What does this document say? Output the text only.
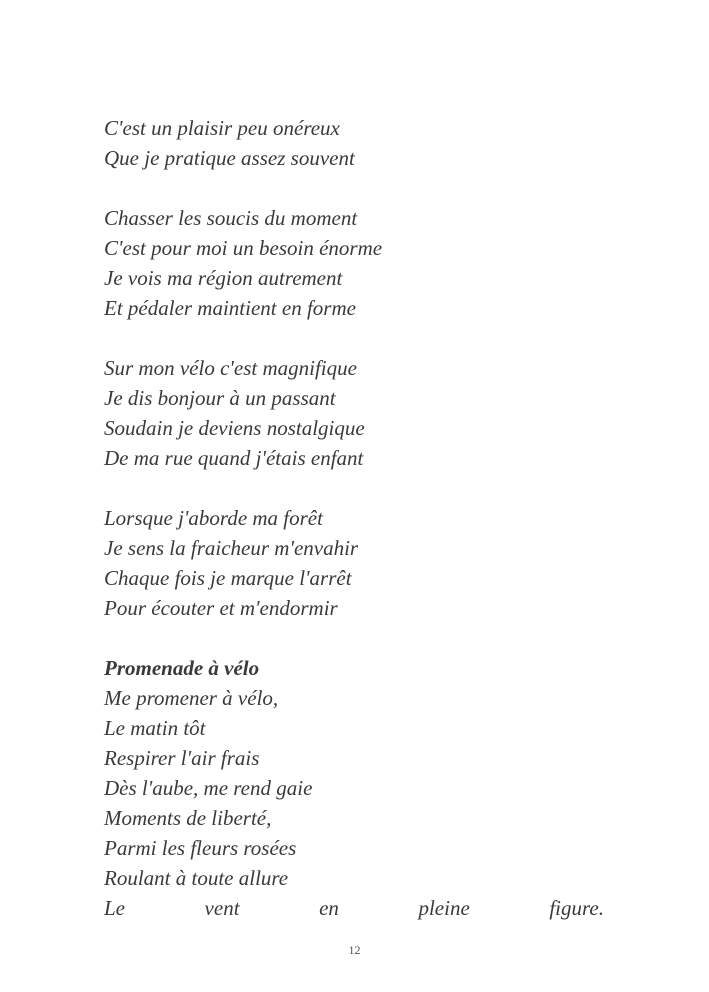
C'est un plaisir peu onéreux
Que je pratique assez souvent
Chasser les soucis du moment
C'est pour moi un besoin énorme
Je vois ma région autrement
Et pédaler maintient en forme
Sur mon vélo c'est magnifique
Je dis bonjour à un passant
Soudain je deviens nostalgique
De ma rue quand j'étais enfant
Lorsque j'aborde ma forêt
Je sens la fraicheur m'envahir
Chaque fois je marque l'arrêt
Pour écouter et m'endormir
Promenade à vélo
Me promener à vélo,
Le matin tôt
Respirer l'air frais
Dès l'aube, me rend gaie
Moments de liberté,
Parmi les fleurs rosées
Roulant à toute allure
Le	vent	en	pleine	figure.
12
